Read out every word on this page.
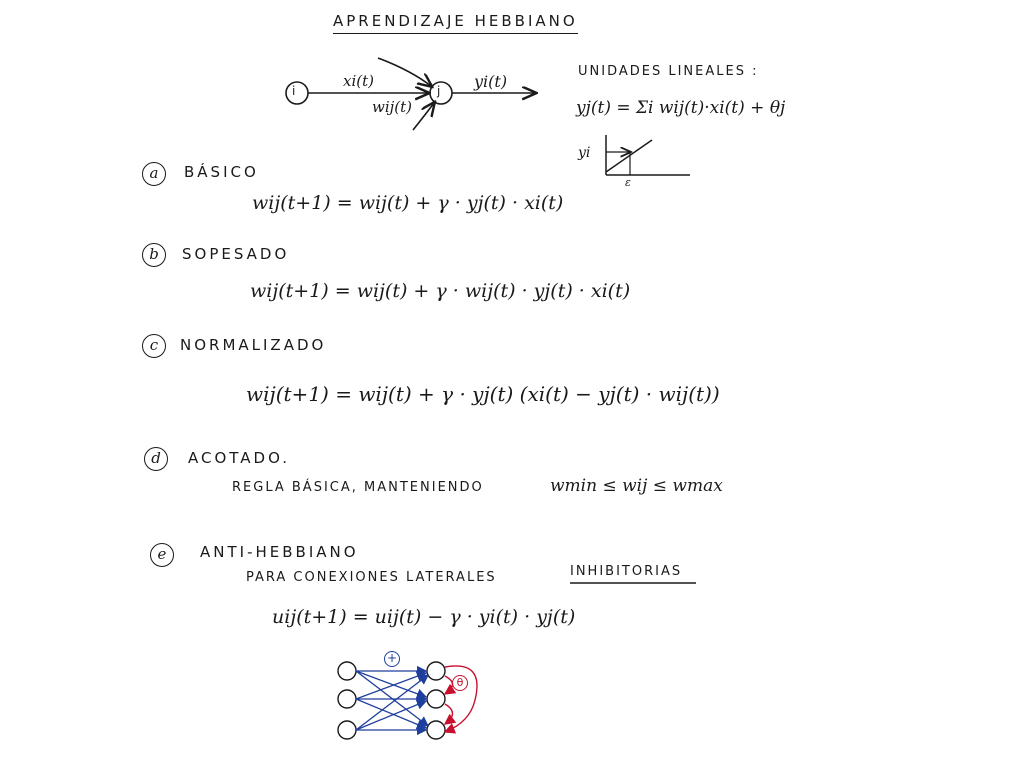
APRENDIZAJE HEBBIANO
i	j
xi(t)
wij(t)
yi(t)
UNIDADES LINEALES :
yj(t) = Σi wij(t)·xi(t) + θj
yi
ε
a	BÁSICO
wij(t+1) = wij(t) + γ · yj(t) · xi(t)
b	SOPESADO
wij(t+1) = wij(t) + γ · wij(t) · yj(t) · xi(t)
c	NORMALIZADO
wij(t+1) = wij(t) + γ · yj(t) (xi(t) − yj(t) · wij(t))
d	ACOTADO.
REGLA BÁSICA, MANTENIENDO	wmin ≤ wij ≤ wmax
e	ANTI-HEBBIANO
PARA CONEXIONES LATERALES	INHIBITORIAS
uij(t+1) = uij(t) − γ · yi(t) · yj(t)
+
θ
